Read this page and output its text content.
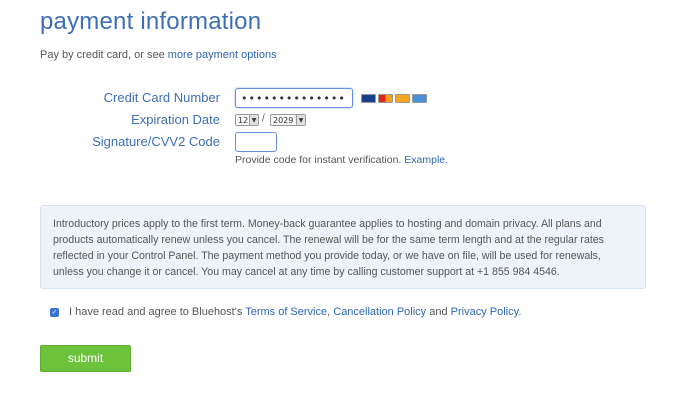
payment information
Pay by credit card, or see more payment options
Credit Card Number
••••••••••••••••
Expiration Date 12 ▼ / 2029 ▼
Signature/CVV2 Code
Provide code for instant verification. Example.
Introductory prices apply to the first term. Money-back guarantee applies to hosting and domain privacy. All plans and products automatically renew unless you cancel. The renewal will be for the same term length and at the regular rates reflected in your Control Panel. The payment method you provide today, or we have on file, will be used for renewals, unless you change it or cancel. You may cancel at any time by calling customer support at +1 855 984 4546.
✓ I have read and agree to Bluehost's Terms of Service, Cancellation Policy and Privacy Policy.
submit
